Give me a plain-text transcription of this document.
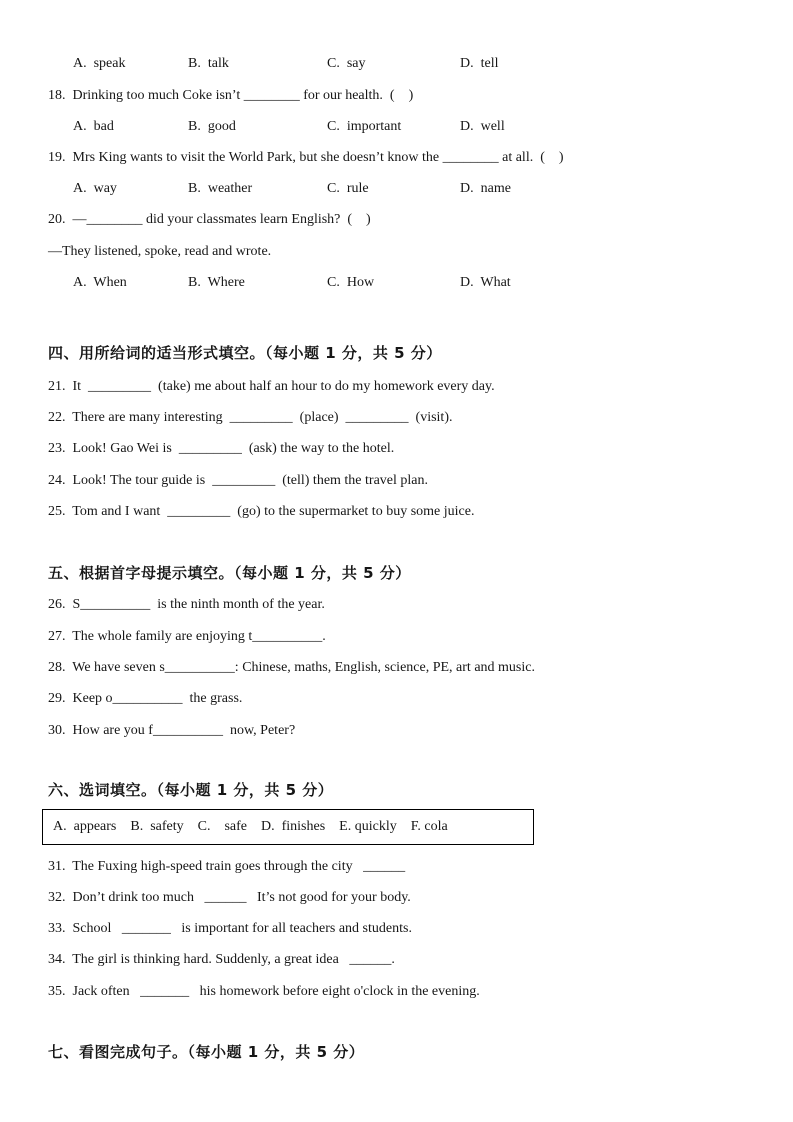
A.  speak	B.  talk	C.  say	D.  tell
18.  Drinking too much Coke isn’t ________ for our health.  (    )
A.  bad	B.  good	C.  important	D.  well
19.  Mrs King wants to visit the World Park, but she doesn’t know the ________ at all.  (    )
A.  way	B.  weather	C.  rule	D.  name
20.  —________ did your classmates learn English?  (    )
—They listened, spoke, read and wrote.
A.  When	B.  Where	C.  How	D.  What
四、用所给词的适当形式填空。（每小题 1 分，共 5 分）
21.  It  _________  (take) me about half an hour to do my homework every day.
22.  There are many interesting  _________  (place)  _________  (visit).
23.  Look! Gao Wei is  _________  (ask) the way to the hotel.
24.  Look! The tour guide is  _________  (tell) them the travel plan.
25.  Tom and I want  _________  (go) to the supermarket to buy some juice.
五、根据首字母提示填空。（每小题 1 分，共 5 分）
26.  S__________  is the ninth month of the year.
27.  The whole family are enjoying t__________.
28.  We have seven s__________: Chinese, maths, English, science, PE, art and music.
29.  Keep o__________  the grass.
30.  How are you f__________  now, Peter?
六、选词填空。（每小题 1 分，共 5 分）
A.  appears    B.  safety    C.    safe    D.  finishes    E. quickly    F. cola
31.  The Fuxing high-speed train goes through the city   ______
32.  Don’t drink too much   ______   It’s not good for your body.
33.  School   _______   is important for all teachers and students.
34.  The girl is thinking hard. Suddenly, a great idea   ______.
35.  Jack often   _______   his homework before eight o'clock in the evening.
七、看图完成句子。（每小题 1 分，共 5 分）
